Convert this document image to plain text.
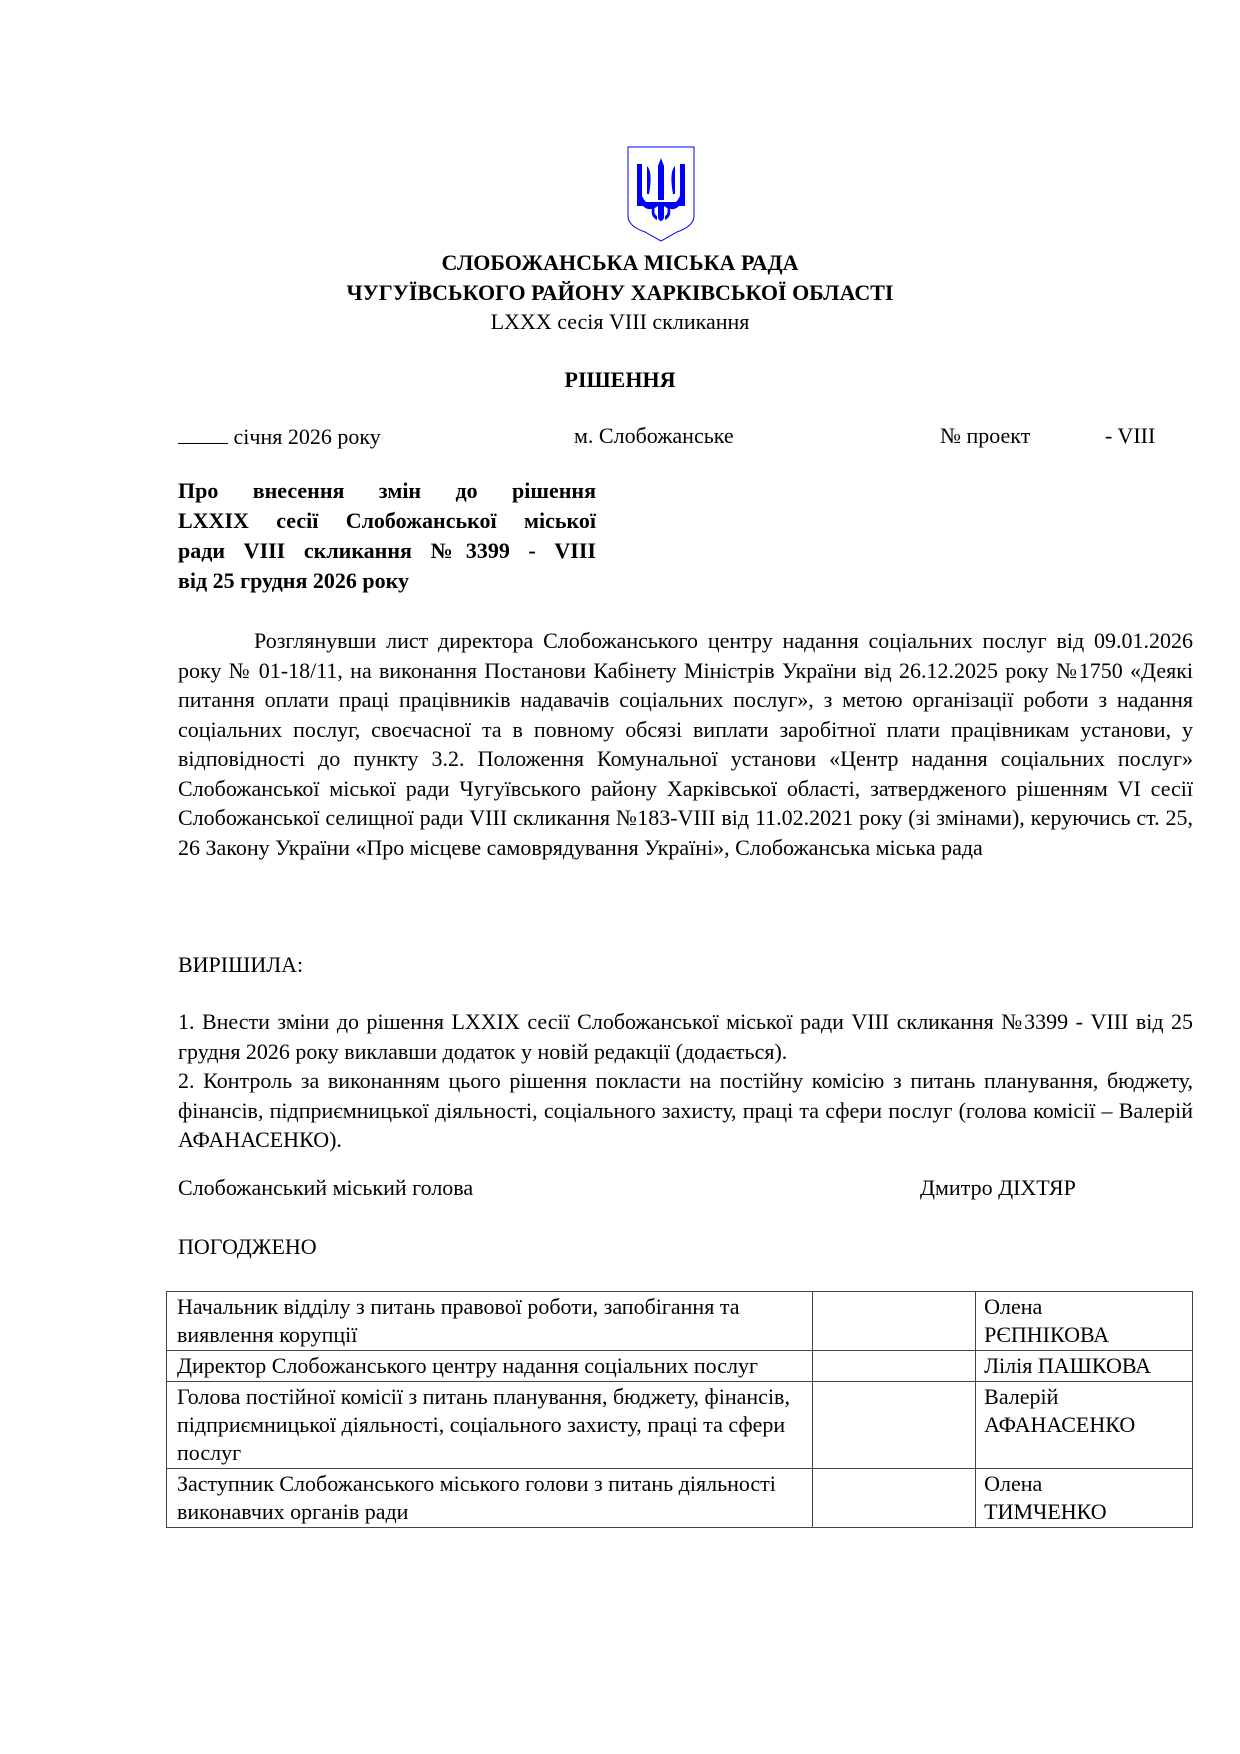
СЛОБОЖАНСЬКА МІСЬКА РАДА
ЧУГУЇВСЬКОГО РАЙОНУ ХАРКІВСЬКОЇ ОБЛАСТІ
LXXX сесія VIII скликання
РІШЕННЯ
січня 2026 року	м. Слобожанське	№ проект	- VIII
Про внесення змін до рішення
LXXIX сесії Слобожанської міської
ради VIII скликання №3399 - VIII
від 25 грудня 2026 року
Розглянувши лист директора Слобожанського центру надання соціальних послуг від 09.01.2026 року № 01-18/11, на виконання Постанови Кабінету Міністрів України від 26.12.2025 року №1750 «Деякі питання оплати праці працівників надавачів соціальних послуг», з метою організації роботи з надання соціальних послуг, своєчасної та в повному обсязі виплати заробітної плати працівникам установи, у відповідності до пункту 3.2. Положення Комунальної установи «Центр надання соціальних послуг» Слобожанської міської ради Чугуївського району Харківської області, затвердженого рішенням VI сесії Слобожанської селищної ради VIII скликання №183-VIII від 11.02.2021 року (зі змінами), керуючись ст. 25, 26 Закону України «Про місцеве самоврядування Україні», Слобожанська міська рада
ВИРІШИЛА:

1. Внести зміни до рішення LXXIX сесії Слобожанської міської ради VIII скликання №3399 - VIII від 25 грудня 2026 року виклавши додаток у новій редакції (додається).

2. Контроль за виконанням цього рішення покласти на постійну комісію з питань планування, бюджету, фінансів, підприємницької діяльності, соціального захисту, праці та сфери послуг (голова комісії – Валерій АФАНАСЕНКО).

Слобожанський міський голова	Дмитро ДІХТЯР
ПОГОДЖЕНО
Начальник відділу з питань правової роботи, запобігання та виявлення корупції		Олена
РЄПНІКОВА
Директор Слобожанського центру надання соціальних послуг		Лілія ПАШКОВА
Голова постійної комісії з питань планування, бюджету, фінансів, підприємницької діяльності, соціального захисту, праці та сфери послуг		Валерій
АФАНАСЕНКО
Заступник Слобожанського міського голови з питань діяльності виконавчих органів ради		Олена
ТИМЧЕНКО
